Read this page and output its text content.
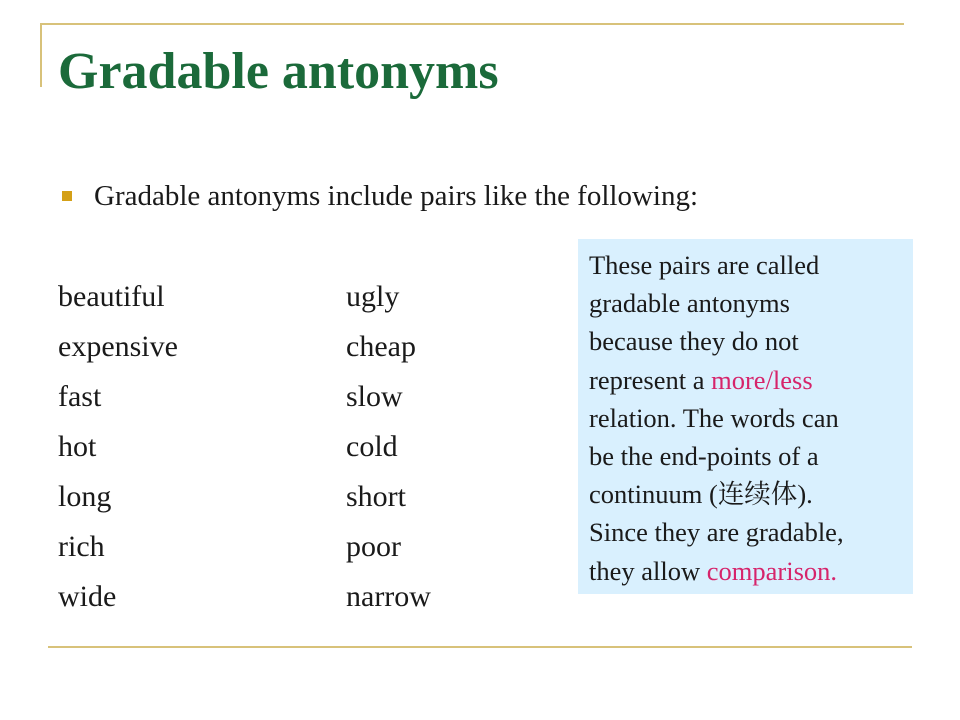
Gradable antonyms
Gradable antonyms include pairs like the following:
beautiful	ugly
expensive	cheap
fast	slow
hot	cold
long	short
rich	poor
wide	narrow
These pairs are called
gradable antonyms
because they do not
represent a more/less
relation. The words can
be the end-points of a
continuum (连续体).
Since they are gradable,
they allow comparison.
